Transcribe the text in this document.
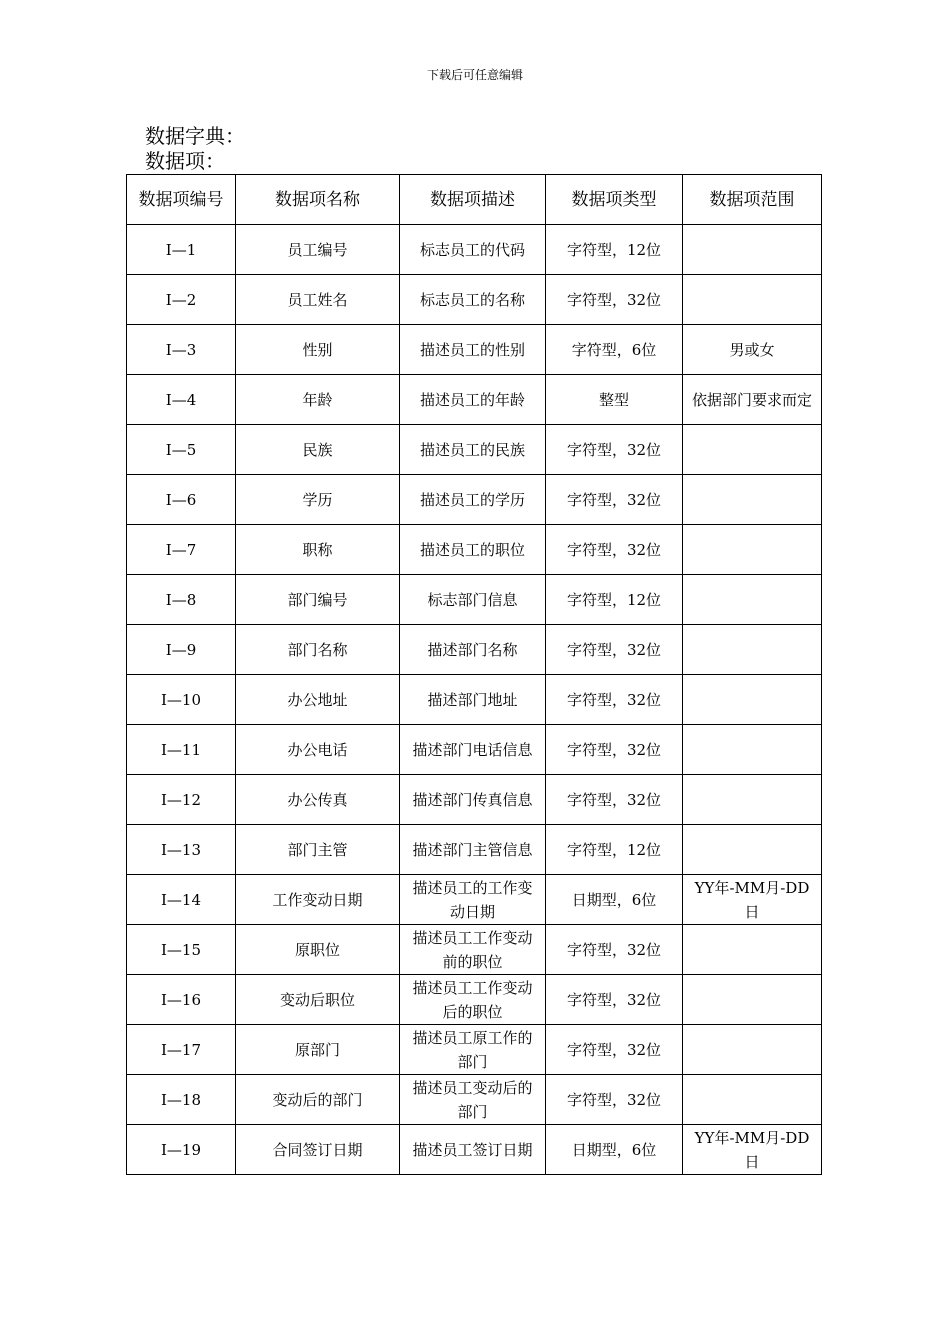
下载后可任意编辑
数据字典：
数据项：
数据项编号	数据项名称	数据项描述	数据项类型	数据项范围
I—1	员工编号	标志员工的代码	字符型，12位	
I—2	员工姓名	标志员工的名称	字符型，32位	
I—3	性别	描述员工的性别	字符型，6位	男或女
I—4	年龄	描述员工的年龄	整型	依据部门要求而定
I—5	民族	描述员工的民族	字符型，32位	
I—6	学历	描述员工的学历	字符型，32位	
I—7	职称	描述员工的职位	字符型，32位	
I—8	部门编号	标志部门信息	字符型，12位	
I—9	部门名称	描述部门名称	字符型，32位	
I—10	办公地址	描述部门地址	字符型，32位	
I—11	办公电话	描述部门电话信息	字符型，32位	
I—12	办公传真	描述部门传真信息	字符型，32位	
I—13	部门主管	描述部门主管信息	字符型，12位	
I—14	工作变动日期	描述员工的工作变动日期	日期型，6位	YY年-MM月-DD日
I—15	原职位	描述员工工作变动前的职位	字符型，32位	
I—16	变动后职位	描述员工工作变动后的职位	字符型，32位	
I—17	原部门	描述员工原工作的部门	字符型，32位	
I—18	变动后的部门	描述员工变动后的部门	字符型，32位	
I—19	合同签订日期	描述员工签订日期	日期型，6位	YY年-MM月-DD日
